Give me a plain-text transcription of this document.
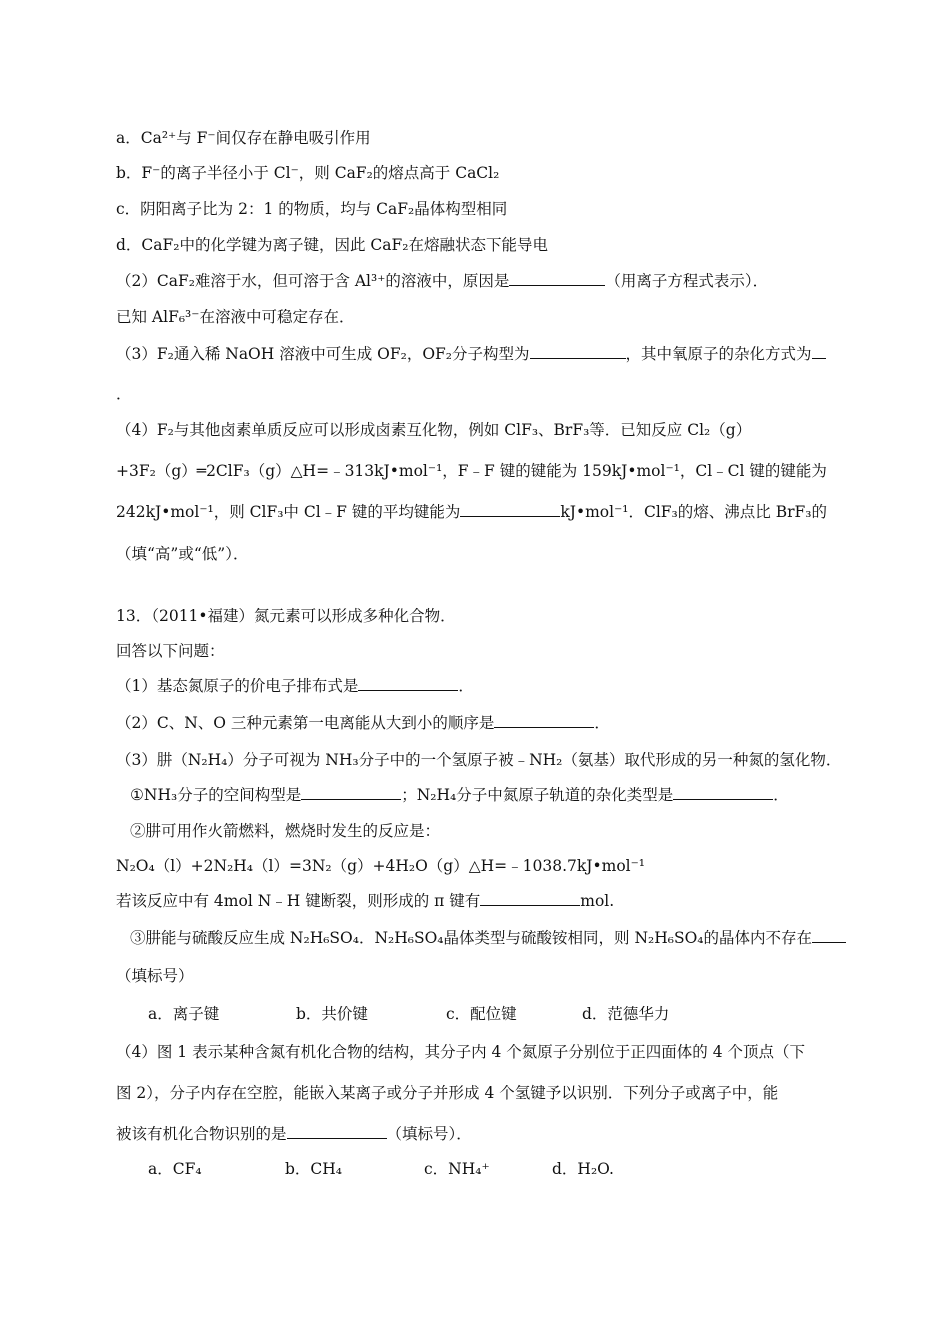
a．Ca²⁺与 F⁻间仅存在静电吸引作用
b．F⁻的离子半径小于 Cl⁻，则 CaF₂的熔点高于 CaCl₂
c．阴阳离子比为 2：1 的物质，均与 CaF₂晶体构型相同
d．CaF₂中的化学键为离子键，因此 CaF₂在熔融状态下能导电
（2）CaF₂难溶于水，但可溶于含 Al³⁺的溶液中，原因是	（用离子方程式表示）．
已知 AlF₆³⁻在溶液中可稳定存在．
（3）F₂通入稀 NaOH 溶液中可生成 OF₂，OF₂分子构型为	，其中氧原子的杂化方式为
．
（4）F₂与其他卤素单质反应可以形成卤素互化物，例如 ClF₃、BrF₃等．已知反应 Cl₂（g）
+3F₂（g）═2ClF₃（g）△H=﹣313kJ•mol⁻¹，F﹣F 键的键能为 159kJ•mol⁻¹，Cl﹣Cl 键的键能为
242kJ•mol⁻¹，则 ClF₃中 Cl﹣F 键的平均键能为	kJ•mol⁻¹．ClF₃的熔、沸点比 BrF₃的
（填“高”或“低”）．
13．（2011•福建）氮元素可以形成多种化合物．
回答以下问题：
（1）基态氮原子的价电子排布式是	．
（2）C、N、O 三种元素第一电离能从大到小的顺序是	．
（3）肼（N₂H₄）分子可视为 NH₃分子中的一个氢原子被﹣NH₂（氨基）取代形成的另一种氮的氢化物．
①NH₃分子的空间构型是	；N₂H₄分子中氮原子轨道的杂化类型是	．
②肼可用作火箭燃料，燃烧时发生的反应是：
N₂O₄（l）+2N₂H₄（l）=3N₂（g）+4H₂O（g）△H=﹣1038.7kJ•mol⁻¹
若该反应中有 4mol N﹣H 键断裂，则形成的 π 键有	mol.
③肼能与硫酸反应生成 N₂H₆SO₄．N₂H₆SO₄晶体类型与硫酸铵相同，则 N₂H₆SO₄的晶体内不存在
（填标号）
a．离子键	b．共价键	c．配位键	d．范德华力
（4）图 1 表示某种含氮有机化合物的结构，其分子内 4 个氮原子分别位于正四面体的 4 个顶点（下
图 2），分子内存在空腔，能嵌入某离子或分子并形成 4 个氢键予以识别．下列分子或离子中，能
被该有机化合物识别的是	（填标号）．
a．CF₄	b．CH₄	c．NH₄⁺	d．H₂O.
